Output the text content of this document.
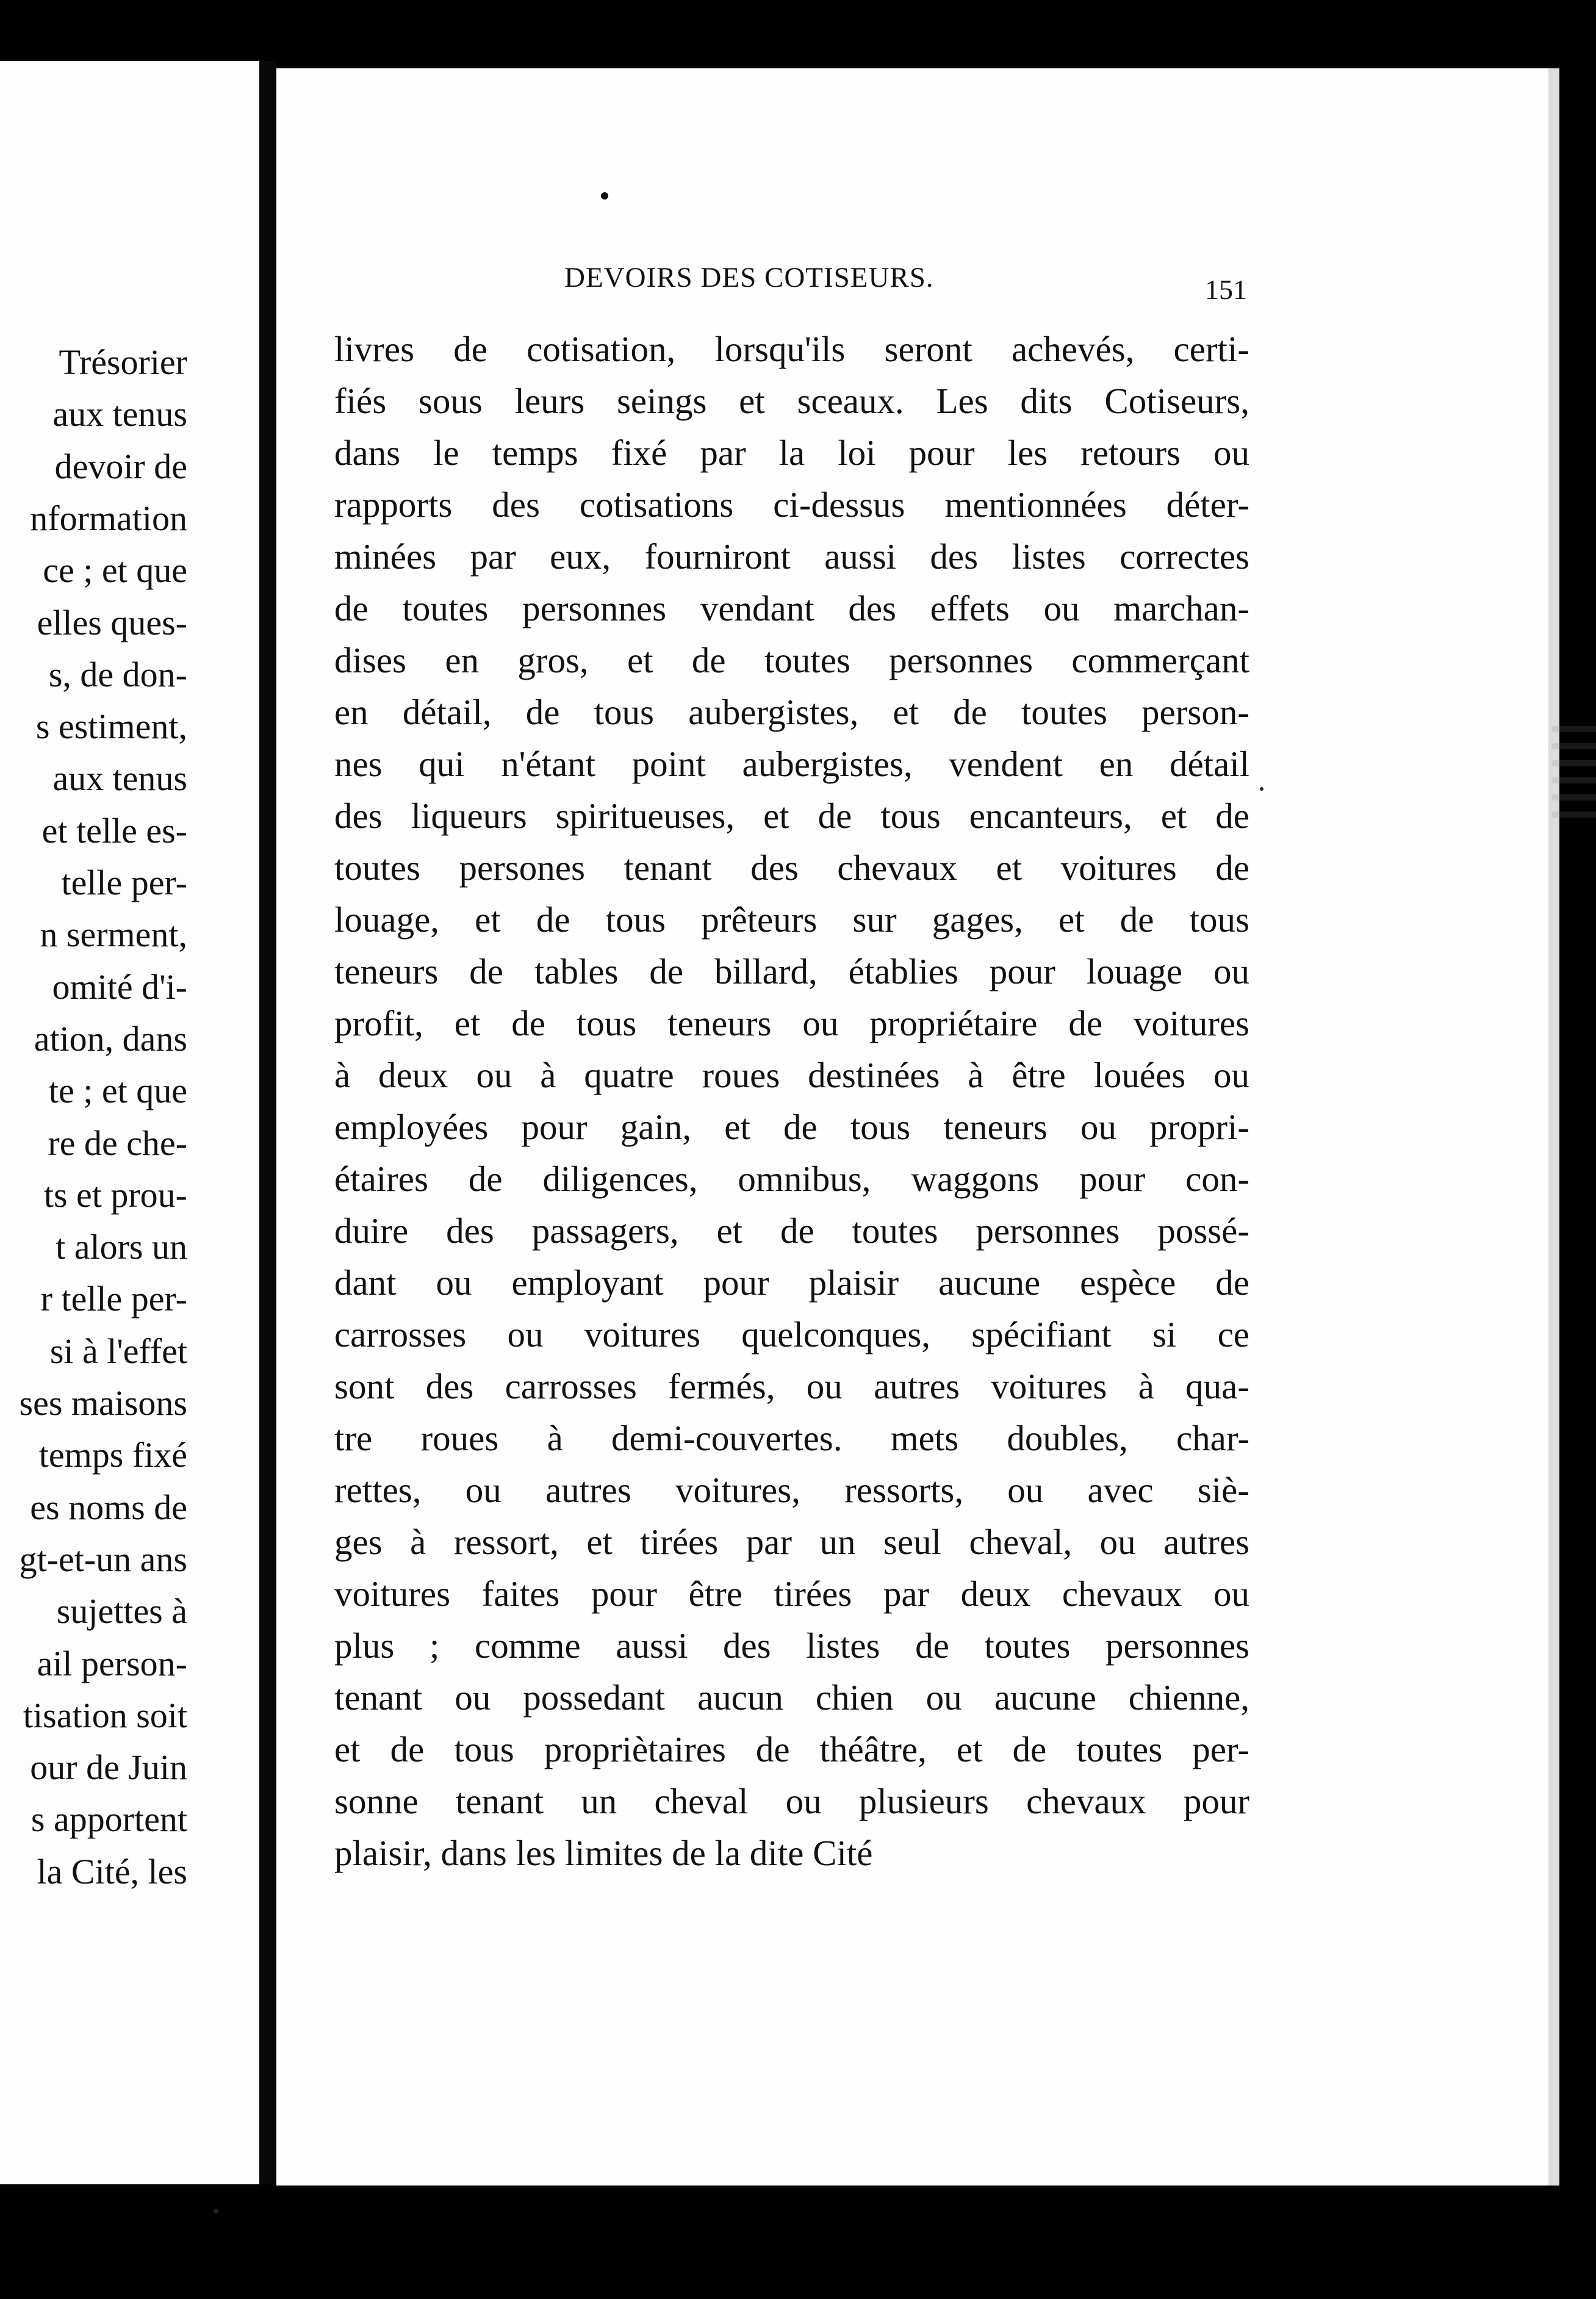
Trésorier
aux tenus
devoir de
nformation
ce ; et que
elles ques-
s, de don-
s estiment,
aux tenus
et telle es-
telle per-
n serment,
omité d'i-
ation, dans
te ; et que
re de che-
ts et prou-
t alors un
r telle per-
si à l'effet
ses maisons
temps fixé
es noms de
gt-et-un ans
sujettes à
ail person-
tisation soit
our de Juin
s apportent
la Cité, les
DEVOIRS DES COTISEURS.	151
livres de cotisation, lorsqu'ils seront achevés, certi-
fiés sous leurs seings et sceaux. Les dits Cotiseurs,
dans le temps fixé par la loi pour les retours ou
rapports des cotisations ci-dessus mentionnées déter-
minées par eux, fourniront aussi des listes correctes
de toutes personnes vendant des effets ou marchan-
dises en gros, et de toutes personnes commerçant
en détail, de tous aubergistes, et de toutes person-
nes qui n'étant point aubergistes, vendent en détail
des liqueurs spiritueuses, et de tous encanteurs, et de
toutes persones tenant des chevaux et voitures de
louage, et de tous prêteurs sur gages, et de tous
teneurs de tables de billard, établies pour louage ou
profit, et de tous teneurs ou propriétaire de voitures
à deux ou à quatre roues destinées à être louées ou
employées pour gain, et de tous teneurs ou propri-
étaires de diligences, omnibus, waggons pour con-
duire des passagers, et de toutes personnes possé-
dant ou employant pour plaisir aucune espèce de
carrosses ou voitures quelconques, spécifiant si ce
sont des carrosses fermés, ou autres voitures à qua-
tre roues à demi-couvertes. mets doubles, char-
rettes, ou autres voitures, ressorts, ou avec siè-
ges à ressort, et tirées par un seul cheval, ou autres
voitures faites pour être tirées par deux chevaux ou
plus ; comme aussi des listes de toutes personnes
tenant ou possedant aucun chien ou aucune chienne,
et de tous propriètaires de théâtre, et de toutes per-
sonne tenant un cheval ou plusieurs chevaux pour
plaisir, dans les limites de la dite Cité
